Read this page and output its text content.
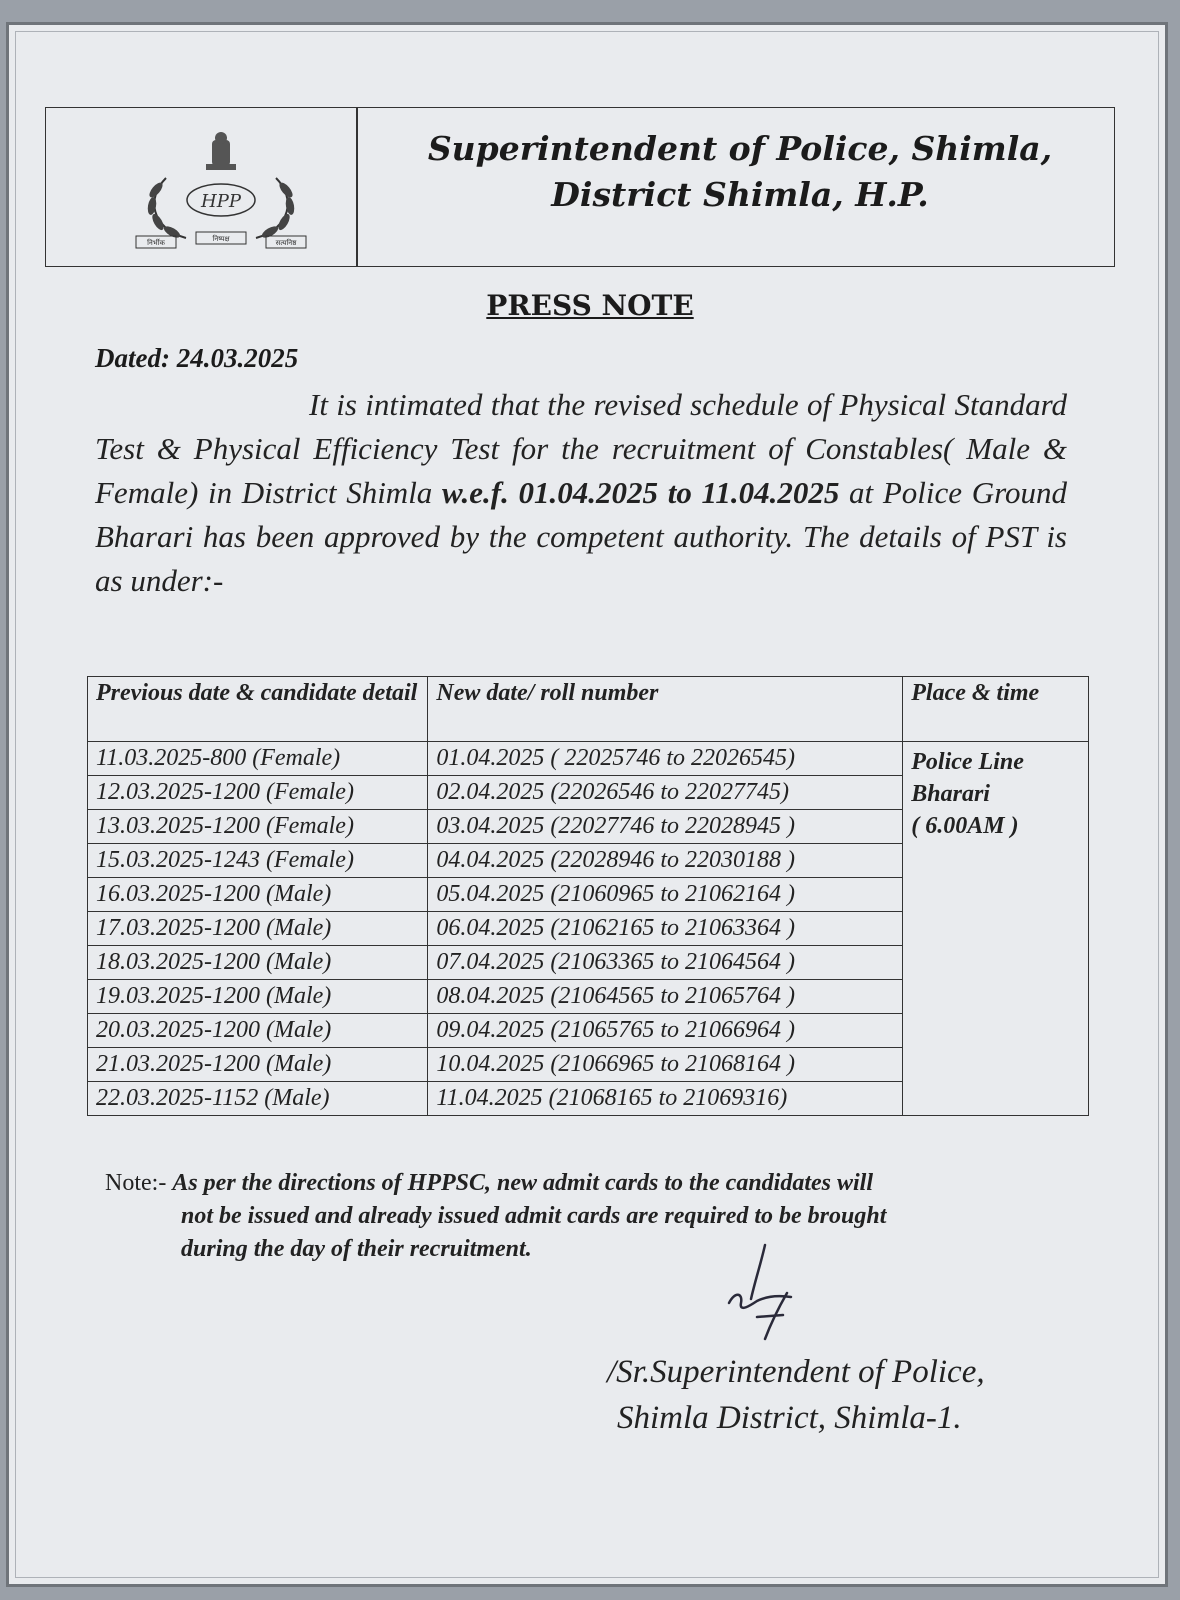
HPP
निर्भीक	निष्पक्ष	सत्यनिष्ठ
Superintendent of Police, Shimla,
District Shimla, H.P.
PRESS NOTE
Dated: 24.03.2025
It is intimated that the revised schedule of Physical Standard Test & Physical Efficiency Test for the recruitment of Constables( Male & Female) in District Shimla w.e.f. 01.04.2025 to 11.04.2025 at Police Ground Bharari has been approved by the competent authority. The details of PST is as under:-
Previous date & candidate detail	New date/ roll number	Place & time
11.03.2025-800 (Female)	01.04.2025 ( 22025746 to 22026545)	Police Line
Bharari
( 6.00AM )

12.03.2025-1200 (Female)	02.04.2025 (22026546 to 22027745)	
13.03.2025-1200 (Female)	03.04.2025 (22027746 to 22028945 )	
15.03.2025-1243 (Female)	04.04.2025 (22028946 to 22030188 )	
16.03.2025-1200 (Male)	05.04.2025 (21060965 to 21062164 )	
17.03.2025-1200 (Male)	06.04.2025 (21062165 to 21063364 )	
18.03.2025-1200 (Male)	07.04.2025 (21063365 to 21064564 )	
19.03.2025-1200 (Male)	08.04.2025 (21064565 to 21065764 )	
20.03.2025-1200 (Male)	09.04.2025 (21065765 to 21066964 )	
21.03.2025-1200 (Male)	10.04.2025 (21066965 to 21068164 )	
22.03.2025-1152 (Male)	11.04.2025 (21068165 to 21069316)	
Note:- As per the directions of HPPSC, new admit cards to the candidates will
not be issued and already issued admit cards are required to be brought
during the day of their recruitment.
/Sr.Superintendent of Police,
Shimla District, Shimla-1.
